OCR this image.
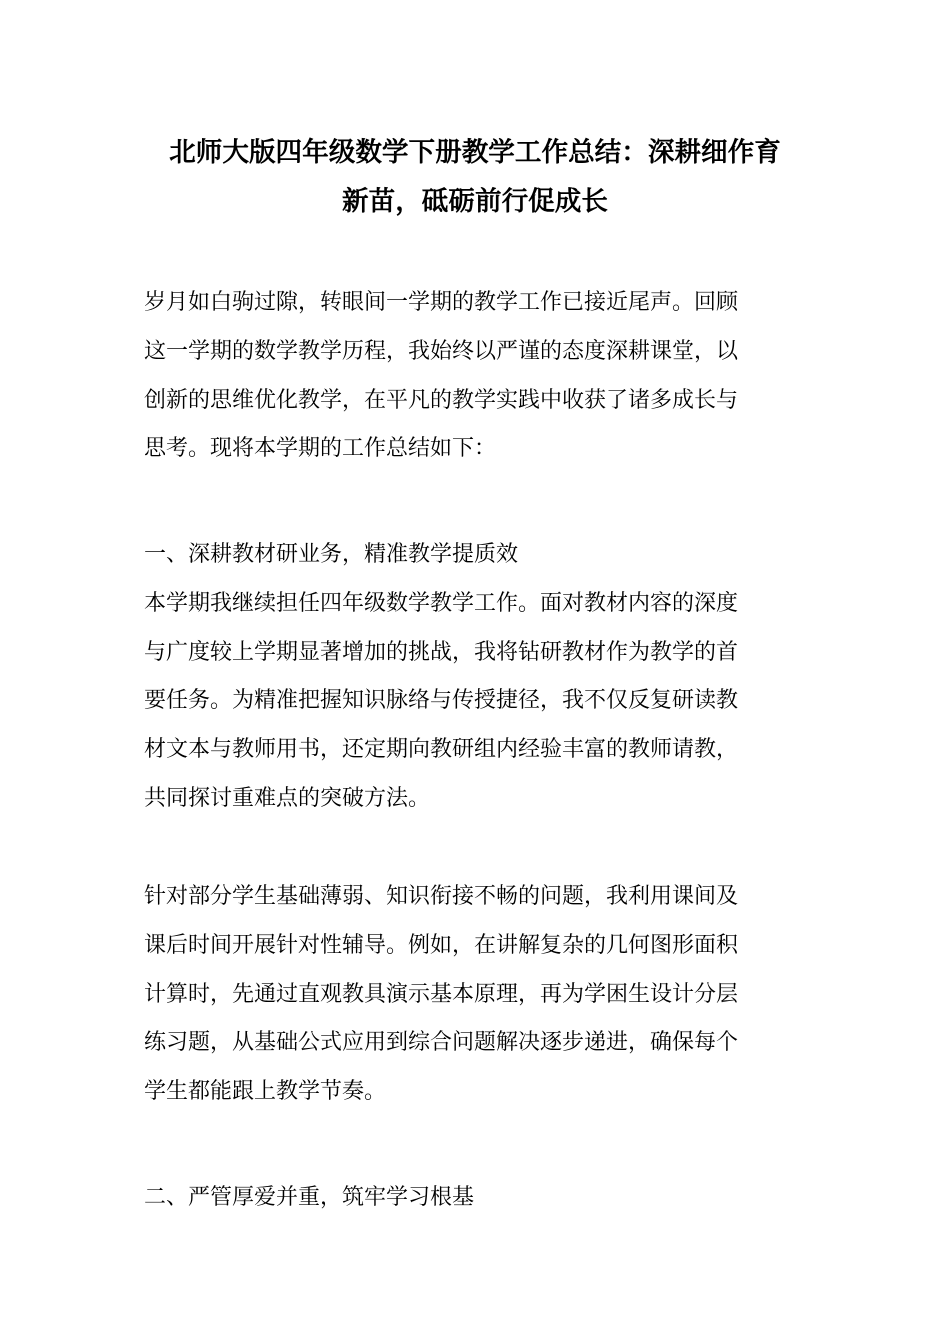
北师大版四年级数学下册教学工作总结：深耕细作育
新苗，砥砺前行促成长

岁月如白驹过隙，转眼间一学期的教学工作已接近尾声。回顾
这一学期的数学教学历程，我始终以严谨的态度深耕课堂，以
创新的思维优化教学，在平凡的教学实践中收获了诸多成长与
思考。现将本学期的工作总结如下：

一、深耕教材研业务，精准教学提质效
本学期我继续担任四年级数学教学工作。面对教材内容的深度
与广度较上学期显著增加的挑战，我将钻研教材作为教学的首
要任务。为精准把握知识脉络与传授捷径，我不仅反复研读教
材文本与教师用书，还定期向教研组内经验丰富的教师请教，
共同探讨重难点的突破方法。

针对部分学生基础薄弱、知识衔接不畅的问题，我利用课间及
课后时间开展针对性辅导。例如，在讲解复杂的几何图形面积
计算时，先通过直观教具演示基本原理，再为学困生设计分层
练习题，从基础公式应用到综合问题解决逐步递进，确保每个
学生都能跟上教学节奏。

二、严管厚爱并重，筑牢学习根基
